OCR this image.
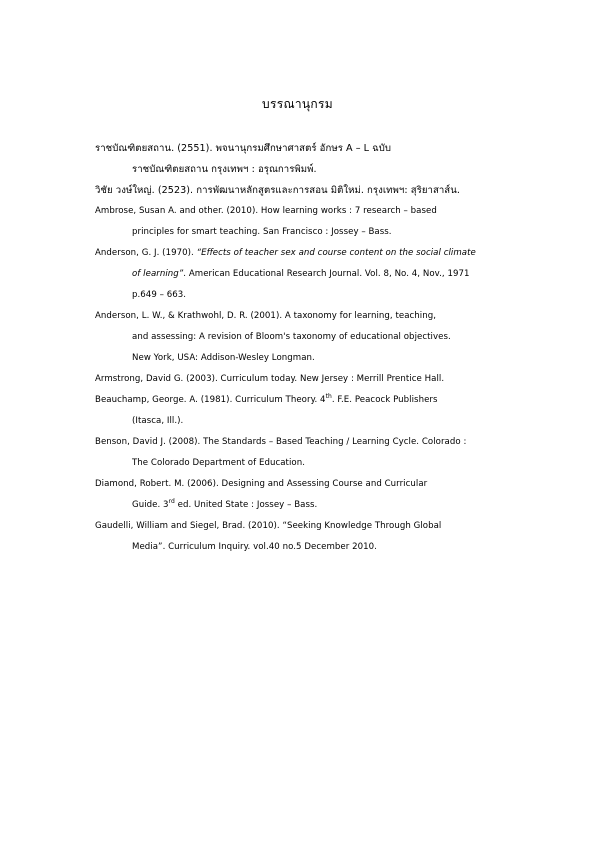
บรรณานุกรม
ราชบัณฑิตยสถาน. (2551). พจนานุกรมศึกษาศาสตร์ อักษร A – L ฉบับ
ราชบัณฑิตยสถาน กรุงเทพฯ : อรุณการพิมพ์.
วิชัย วงษ์ใหญ่. (2523). การพัฒนาหลักสูตรและการสอน มิติใหม่. กรุงเทพฯ: สุริยาสาส์น.
Ambrose, Susan A. and other. (2010). How learning works : 7 research – based
principles for smart teaching. San Francisco : Jossey – Bass.
Anderson, G. J. (1970). “Effects of teacher sex and course content on the social climate
of learning”. American Educational Research Journal. Vol. 8, No. 4, Nov., 1971
p.649 – 663.
Anderson, L. W., & Krathwohl, D. R. (2001). A taxonomy for learning, teaching,
and assessing: A revision of Bloom's taxonomy of educational objectives.
New York, USA: Addison-Wesley Longman.
Armstrong, David G. (2003). Curriculum today. New Jersey : Merrill Prentice Hall.
Beauchamp, George. A. (1981). Curriculum Theory. 4th. F.E. Peacock Publishers
(Itasca, Ill.).
Benson, David J. (2008). The Standards – Based Teaching / Learning Cycle. Colorado :
The Colorado Department of Education.
Diamond, Robert. M. (2006). Designing and Assessing Course and Curricular
Guide. 3rd ed. United State : Jossey – Bass.
Gaudelli, William and Siegel, Brad. (2010). “Seeking Knowledge Through Global
Media”. Curriculum Inquiry. vol.40 no.5 December 2010.
